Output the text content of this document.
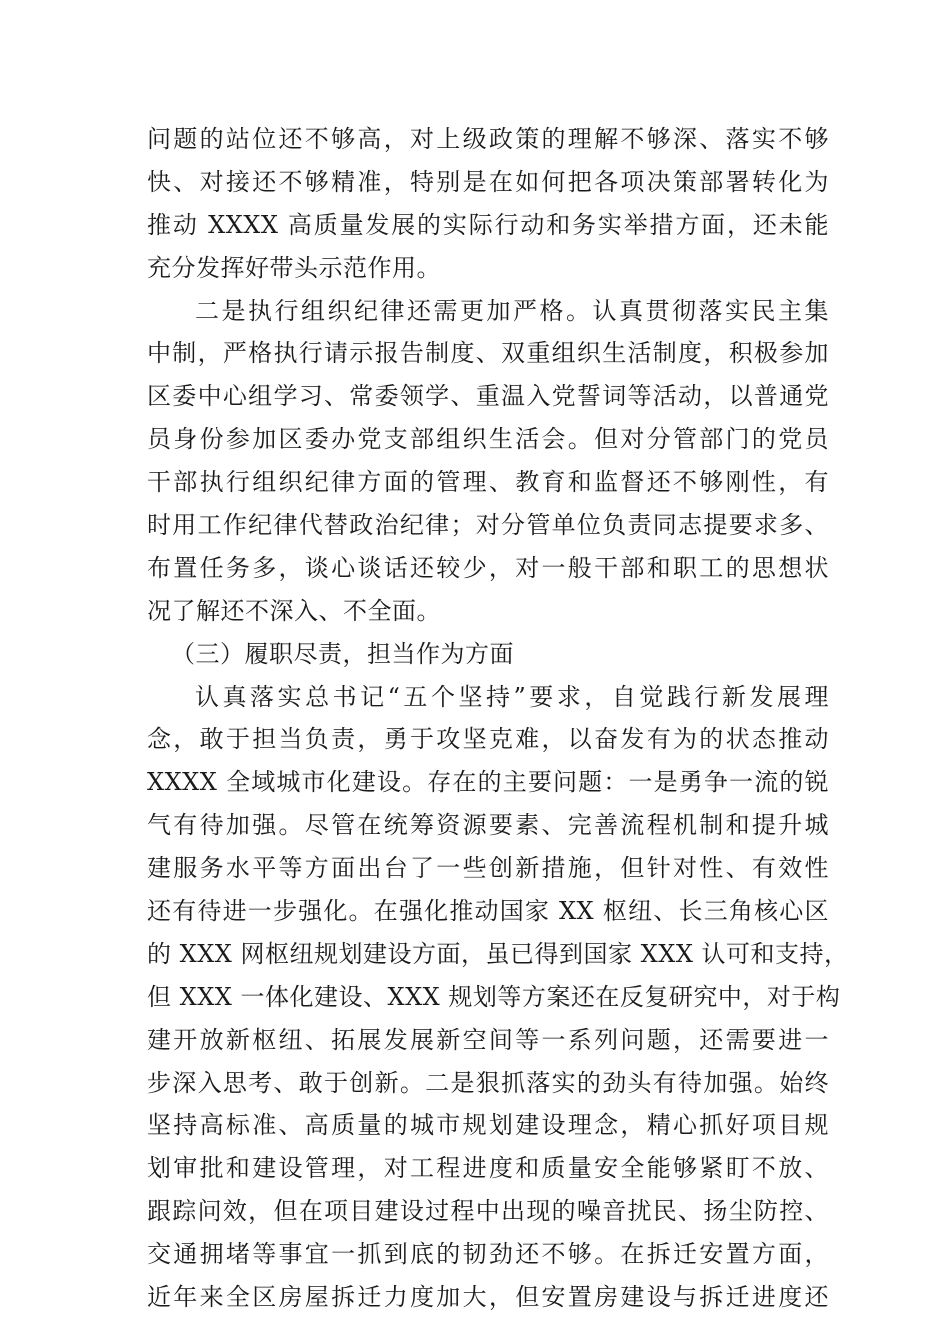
问题的站位还不够高，对上级政策的理解不够深、落实不够
快、对接还不够精准，特别是在如何把各项决策部署转化为
推动 XXXX 高质量发展的实际行动和务实举措方面，还未能
充分发挥好带头示范作用。
二是执行组织纪律还需更加严格。认真贯彻落实民主集
中制，严格执行请示报告制度、双重组织生活制度，积极参加
区委中心组学习、常委领学、重温入党誓词等活动，以普通党
员身份参加区委办党支部组织生活会。但对分管部门的党员
干部执行组织纪律方面的管理、教育和监督还不够刚性，有
时用工作纪律代替政治纪律；对分管单位负责同志提要求多、
布置任务多，谈心谈话还较少，对一般干部和职工的思想状
况了解还不深入、不全面。
（三）履职尽责，担当作为方面
认真落实总书记“五个坚持”要求，自觉践行新发展理
念，敢于担当负责，勇于攻坚克难，以奋发有为的状态推动
XXXX 全域城市化建设。存在的主要问题：一是勇争一流的锐
气有待加强。尽管在统筹资源要素、完善流程机制和提升城
建服务水平等方面出台了一些创新措施，但针对性、有效性
还有待进一步强化。在强化推动国家 XX 枢纽、长三角核心区
的 XXX 网枢纽规划建设方面，虽已得到国家 XXX 认可和支持，
但 XXX 一体化建设、XXX 规划等方案还在反复研究中，对于构
建开放新枢纽、拓展发展新空间等一系列问题，还需要进一
步深入思考、敢于创新。二是狠抓落实的劲头有待加强。始终
坚持高标准、高质量的城市规划建设理念，精心抓好项目规
划审批和建设管理，对工程进度和质量安全能够紧盯不放、
跟踪问效，但在项目建设过程中出现的噪音扰民、扬尘防控、
交通拥堵等事宜一抓到底的韧劲还不够。在拆迁安置方面，
近年来全区房屋拆迁力度加大，但安置房建设与拆迁进度还
